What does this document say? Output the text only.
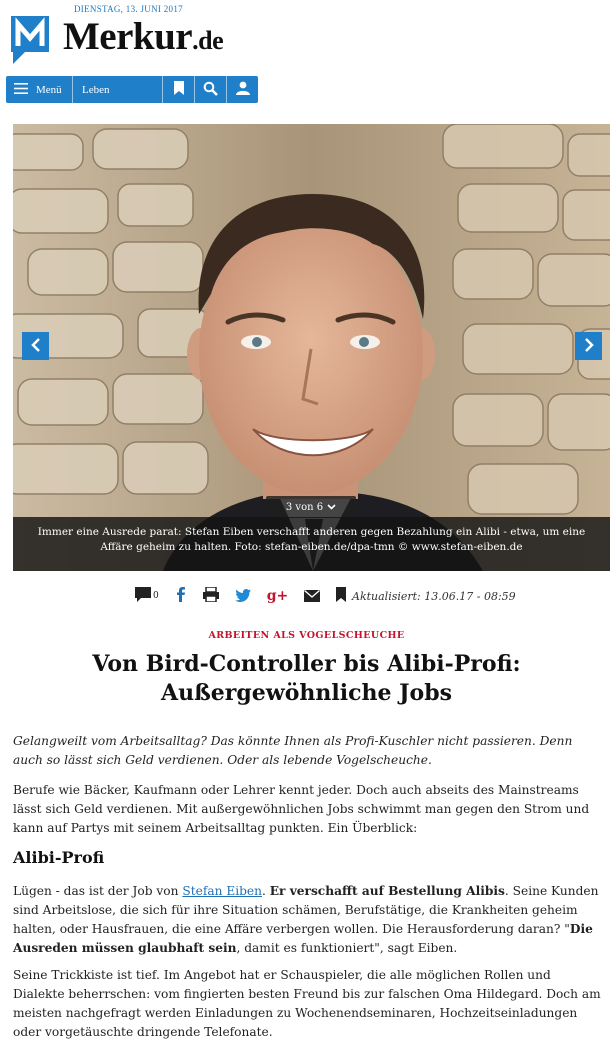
DIENSTAG, 13. JUNI 2017
Merkur.de
Menü Leben
3 von 6
Immer eine Ausrede parat: Stefan Eiben verschafft anderen gegen Bezahlung ein Alibi - etwa, um eine Affäre geheim zu halten. Foto: stefan-eiben.de/dpa-tmn © www.stefan-eiben.de
0	g+	Aktualisiert: 13.06.17 - 08:59
ARBEITEN ALS VOGELSCHEUCHE
Von Bird-Controller bis Alibi-Profi: Außergewöhnliche Jobs
Gelangweilt vom Arbeitsalltag? Das könnte Ihnen als Profi-Kuschler nicht passieren. Denn auch so lässt sich Geld verdienen. Oder als lebende Vogelscheuche.
Berufe wie Bäcker, Kaufmann oder Lehrer kennt jeder. Doch auch abseits des Mainstreams lässt sich Geld verdienen. Mit außergewöhnlichen Jobs schwimmt man gegen den Strom und kann auf Partys mit seinem Arbeitsalltag punkten. Ein Überblick:
Alibi-Profi
Lügen - das ist der Job von Stefan Eiben. Er verschafft auf Bestellung Alibis. Seine Kunden sind Arbeitslose, die sich für ihre Situation schämen, Berufstätige, die Krankheiten geheim halten, oder Hausfrauen, die eine Affäre verbergen wollen. Die Herausforderung daran? "Die Ausreden müssen glaubhaft sein, damit es funktioniert", sagt Eiben.
Seine Trickkiste ist tief. Im Angebot hat er Schauspieler, die alle möglichen Rollen und Dialekte beherrschen: vom fingierten besten Freund bis zur falschen Oma Hildegard. Doch am meisten nachgefragt werden Einladungen zu Wochenendseminaren, Hochzeitseinladungen oder vorgetäuschte dringende Telefonate.
